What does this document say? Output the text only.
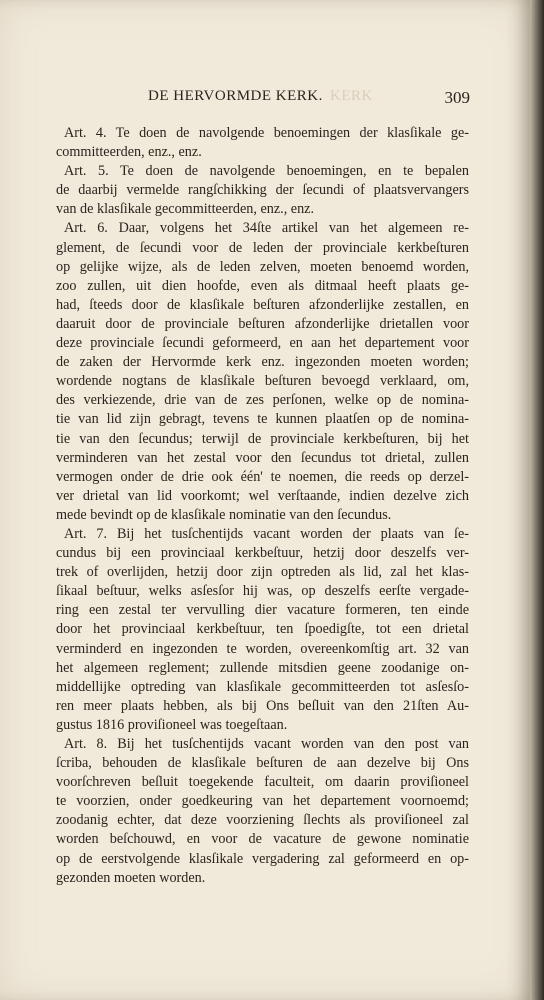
DE HERVORMDE KERK. KERK	309
Art. 4. Te doen de navolgende benoemingen der klasſikale ge-
committeerden, enz., enz.
Art. 5. Te doen de navolgende benoemingen, en te bepalen
de daarbij vermelde rangſchikking der ſecundi of plaatsvervangers
van de klasſikale gecommitteerden, enz., enz.
Art. 6. Daar, volgens het 34ſte artikel van het algemeen re-
glement, de ſecundi voor de leden der provinciale kerkbeſturen
op gelijke wijze, als de leden zelven, moeten benoemd worden,
zoo zullen, uit dien hoofde, even als ditmaal heeft plaats ge-
had, ſteeds door de klasſikale beſturen afzonderlijke zestallen, en
daaruit door de provinciale beſturen afzonderlijke drietallen voor
deze provinciale ſecundi geformeerd, en aan het departement voor
de zaken der Hervormde kerk enz. ingezonden moeten worden;
wordende nogtans de klasſikale beſturen bevoegd verklaard, om,
des verkiezende, drie van de zes perſonen, welke op de nomina-
tie van lid zijn gebragt, tevens te kunnen plaatſen op de nomina-
tie van den ſecundus; terwijl de provinciale kerkbeſturen, bij het
verminderen van het zestal voor den ſecundus tot drietal, zullen
vermogen onder de drie ook één' te noemen, die reeds op derzel-
ver drietal van lid voorkomt; wel verſtaande, indien dezelve zich
mede bevindt op de klasſikale nominatie van den ſecundus.
Art. 7. Bij het tusſchentijds vacant worden der plaats van ſe-
cundus bij een provinciaal kerkbeſtuur, hetzij door deszelfs ver-
trek of overlijden, hetzij door zijn optreden als lid, zal het klas-
ſikaal beſtuur, welks asſesſor hij was, op deszelfs eerſte vergade-
ring een zestal ter vervulling dier vacature formeren, ten einde
door het provinciaal kerkbeſtuur, ten ſpoedigſte, tot een drietal
verminderd en ingezonden te worden, overeenkomſtig art. 32 van
het algemeen reglement; zullende mitsdien geene zoodanige on-
middellijke optreding van klasſikale gecommitteerden tot asſesſo-
ren meer plaats hebben, als bij Ons beſluit van den 21ſten Au-
gustus 1816 proviſioneel was toegeſtaan.
Art. 8. Bij het tusſchentijds vacant worden van den post van
ſcriba, behouden de klasſikale beſturen de aan dezelve bij Ons
voorſchreven beſluit toegekende faculteit, om daarin proviſioneel
te voorzien, onder goedkeuring van het departement voornoemd;
zoodanig echter, dat deze voorziening ſlechts als proviſioneel zal
worden beſchouwd, en voor de vacature de gewone nominatie
op de eerstvolgende klasſikale vergadering zal geformeerd en op-
gezonden moeten worden.
